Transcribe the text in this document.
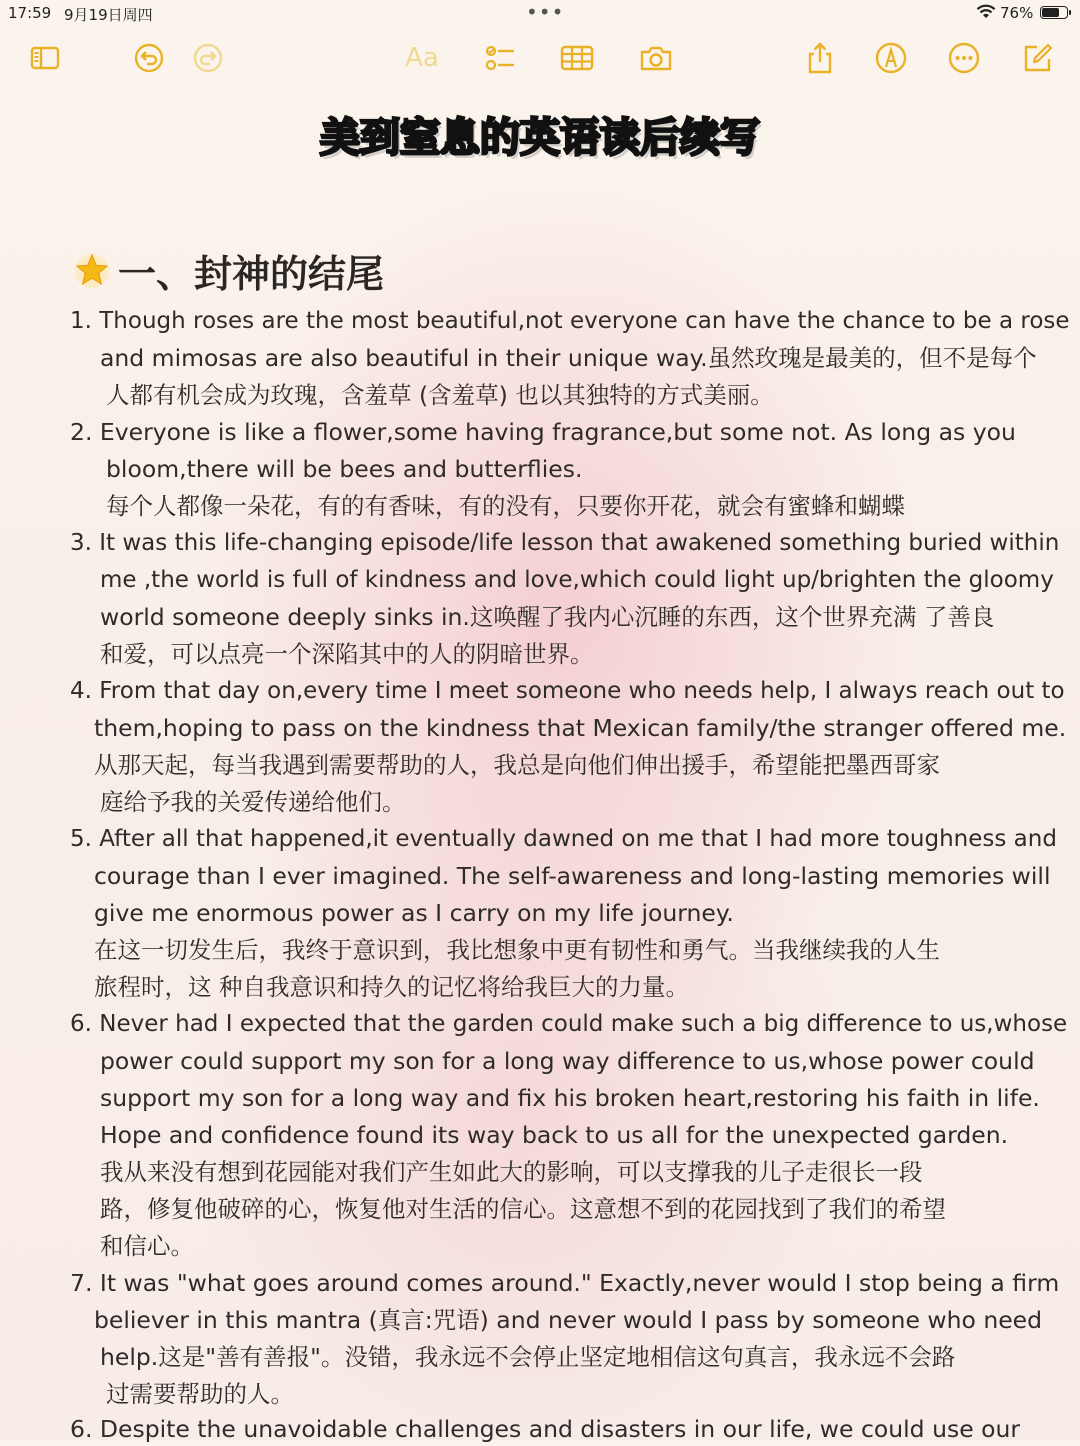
17:59 9月19日周四	•••	76%
Aa
美到窒息的英语读后续写
一、封神的结尾
1. Though roses are the most beautiful,not everyone can have the chance to be a rose
and mimosas are also beautiful in their unique way.虽然玫瑰是最美的，但不是每个
人都有机会成为玫瑰，含羞草 (含羞草) 也以其独特的方式美丽。
2. Everyone is like a flower,some having fragrance,but some not. As long as you
bloom,there will be bees and butterflies.
每个人都像一朵花，有的有香味，有的没有，只要你开花，就会有蜜蜂和蝴蝶
3. It was this life-changing episode/life lesson that awakened something buried within
me ,the world is full of kindness and love,which could light up/brighten the gloomy
world someone deeply sinks in.这唤醒了我内心沉睡的东西，这个世界充满 了善良
和爱，可以点亮一个深陷其中的人的阴暗世界。
4. From that day on,every time I meet someone who needs help, I always reach out to
them,hoping to pass on the kindness that Mexican family/the stranger offered me.
从那天起，每当我遇到需要帮助的人，我总是向他们伸出援手，希望能把墨西哥家
庭给予我的关爱传递给他们。
5. After all that happened,it eventually dawned on me that I had more toughness and
courage than I ever imagined. The self-awareness and long-lasting memories will
give me enormous power as I carry on my life journey.
在这一切发生后，我终于意识到，我比想象中更有韧性和勇气。当我继续我的人生
旅程时，这 种自我意识和持久的记忆将给我巨大的力量。
6. Never had I expected that the garden could make such a big difference to us,whose
power could support my son for a long way difference to us,whose power could
support my son for a long way and fix his broken heart,restoring his faith in life.
Hope and confidence found its way back to us all for the unexpected garden.
我从来没有想到花园能对我们产生如此大的影响，可以支撑我的儿子走很长一段
路，修复他破碎的心，恢复他对生活的信心。这意想不到的花园找到了我们的希望
和信心。
7. It was "what goes around comes around." Exactly,never would I stop being a firm
believer in this mantra (真言:咒语) and never would I pass by someone who need
help.这是"善有善报"。没错，我永远不会停止坚定地相信这句真言，我永远不会路
过需要帮助的人。
6. Despite the unavoidable challenges and disasters in our life, we could use our
